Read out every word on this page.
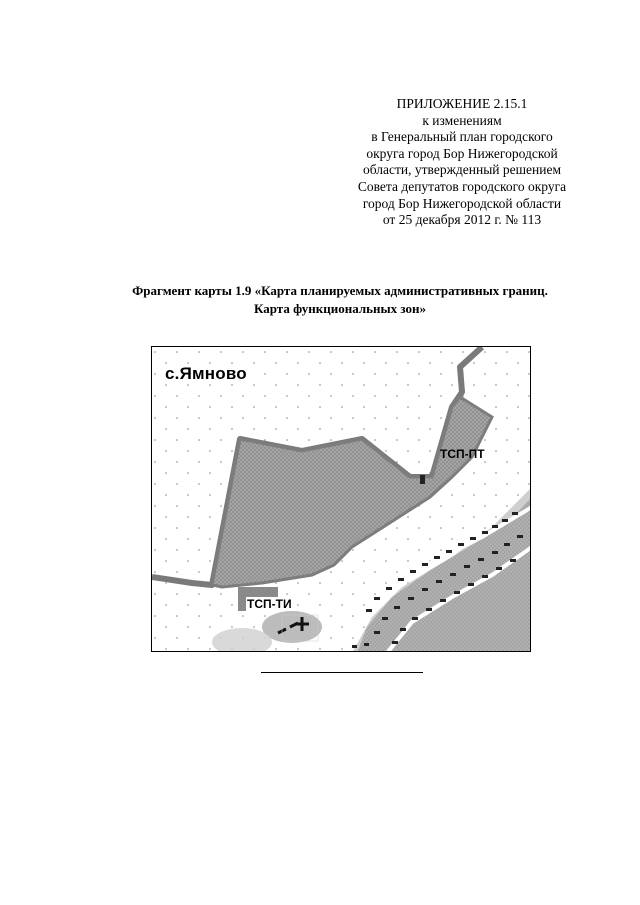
ПРИЛОЖЕНИЕ 2.15.1
к изменениям
в Генеральный план городского
округа город Бор Нижегородской
области, утвержденный решением
Совета депутатов городского округа
город Бор Нижегородской области
от 25 декабря 2012 г. № 113
Фрагмент карты 1.9 «Карта планируемых административных границ.
Карта функциональных зон»
с.Ямново
ТСП-ПТ
ТСП-ТИ
